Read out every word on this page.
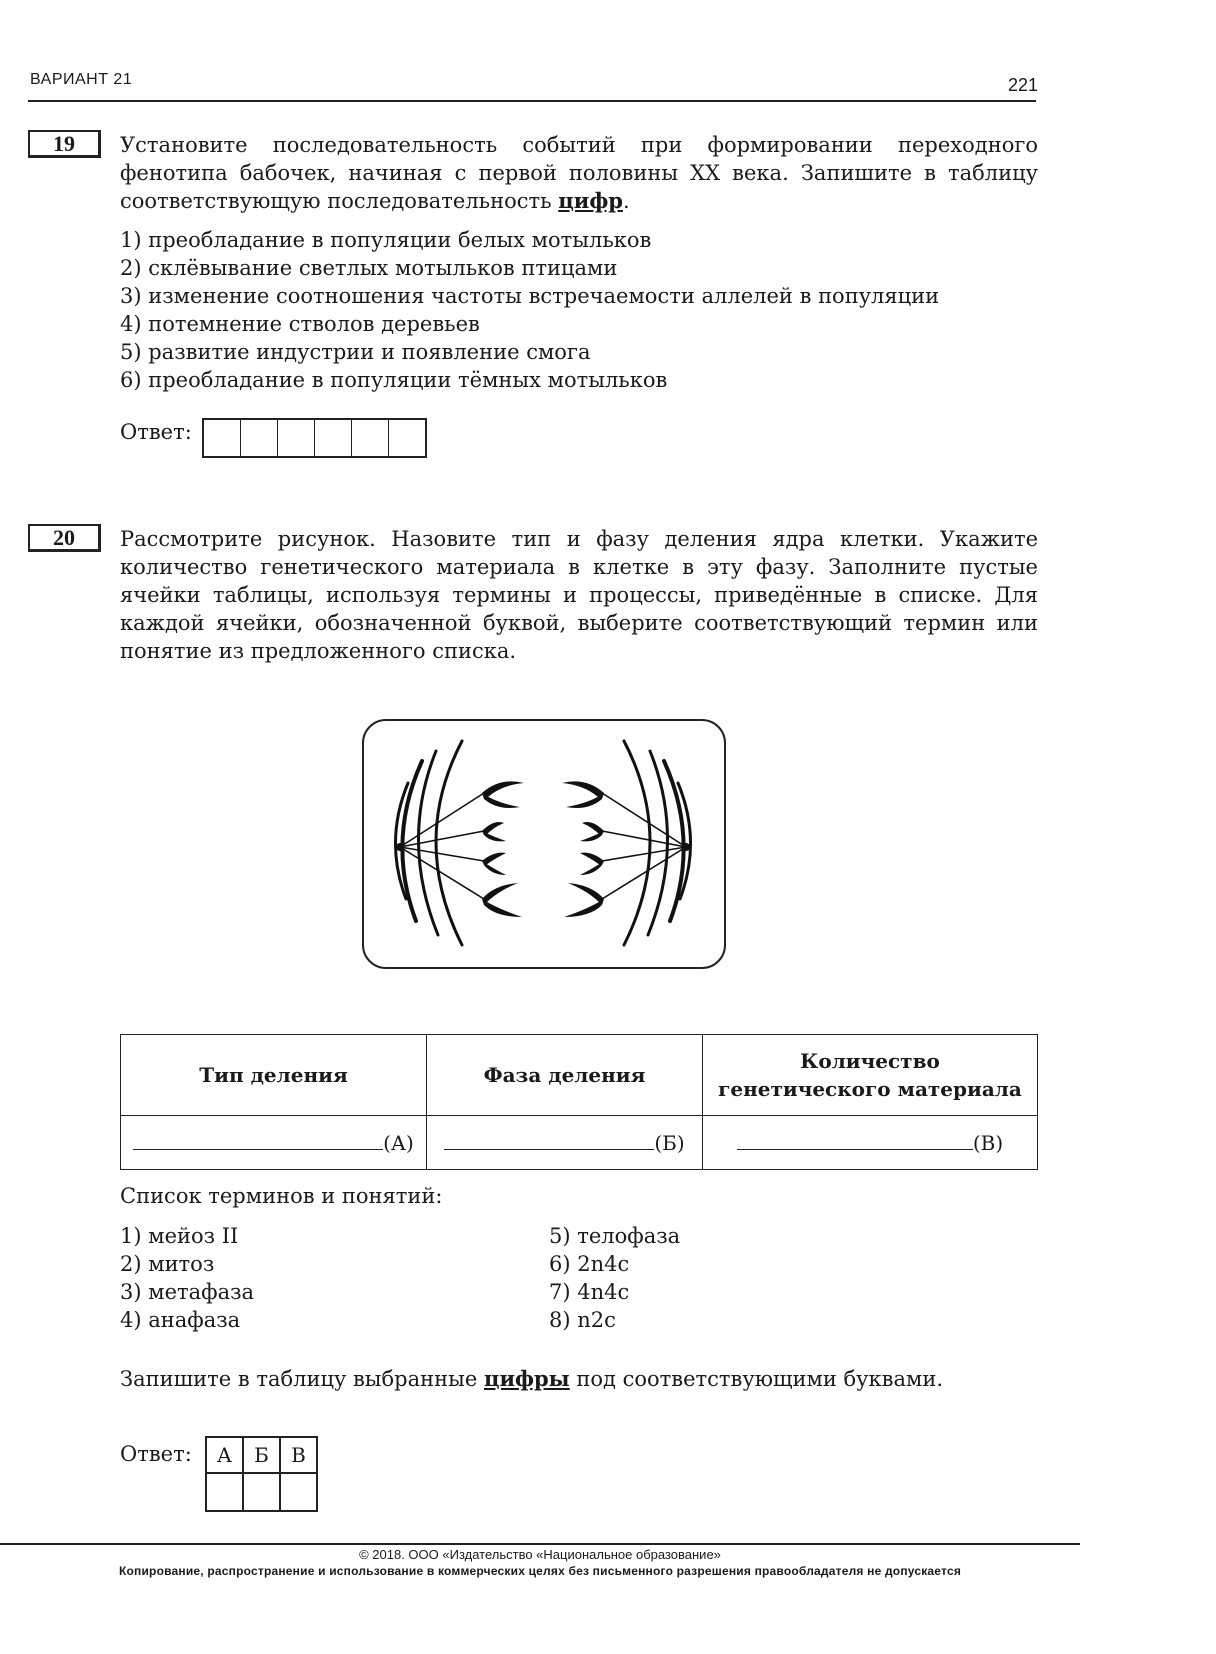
ВАРИАНТ 21	221
19	Установите последовательность событий при формировании переходного
фенотипа бабочек, начиная с первой половины XX века. Запишите в таблицу
соответствующую последовательность цифр.
1) преобладание в популяции белых мотыльков
2) склёвывание светлых мотыльков птицами
3) изменение соотношения частоты встречаемости аллелей в популяции
4) потемнение стволов деревьев
5) развитие индустрии и появление смога
6) преобладание в популяции тёмных мотыльков
Ответ:
20	Рассмотрите рисунок. Назовите тип и фазу деления ядра клетки. Укажите
количество генетического материала в клетке в эту фазу. Заполните пустые
ячейки таблицы, используя термины и процессы, приведённые в списке. Для
каждой ячейки, обозначенной буквой, выберите соответствующий термин или
понятие из предложенного списка.
Тип деления	Фаза деления	Количество
генетического материала
(А)	(Б)	(В)
Список терминов и понятий:
1) мейоз II
2) митоз
3) метафаза
4) анафаза
5) телофаза
6) 2n4c
7) 4n4c
8) n2c
Запишите в таблицу выбранные цифры под соответствующими буквами.
Ответ: А	Б	В

© 2018. ООО «Издательство «Национальное образование»
Копирование, распространение и использование в коммерческих целях без письменного разрешения правообладателя не допускается
